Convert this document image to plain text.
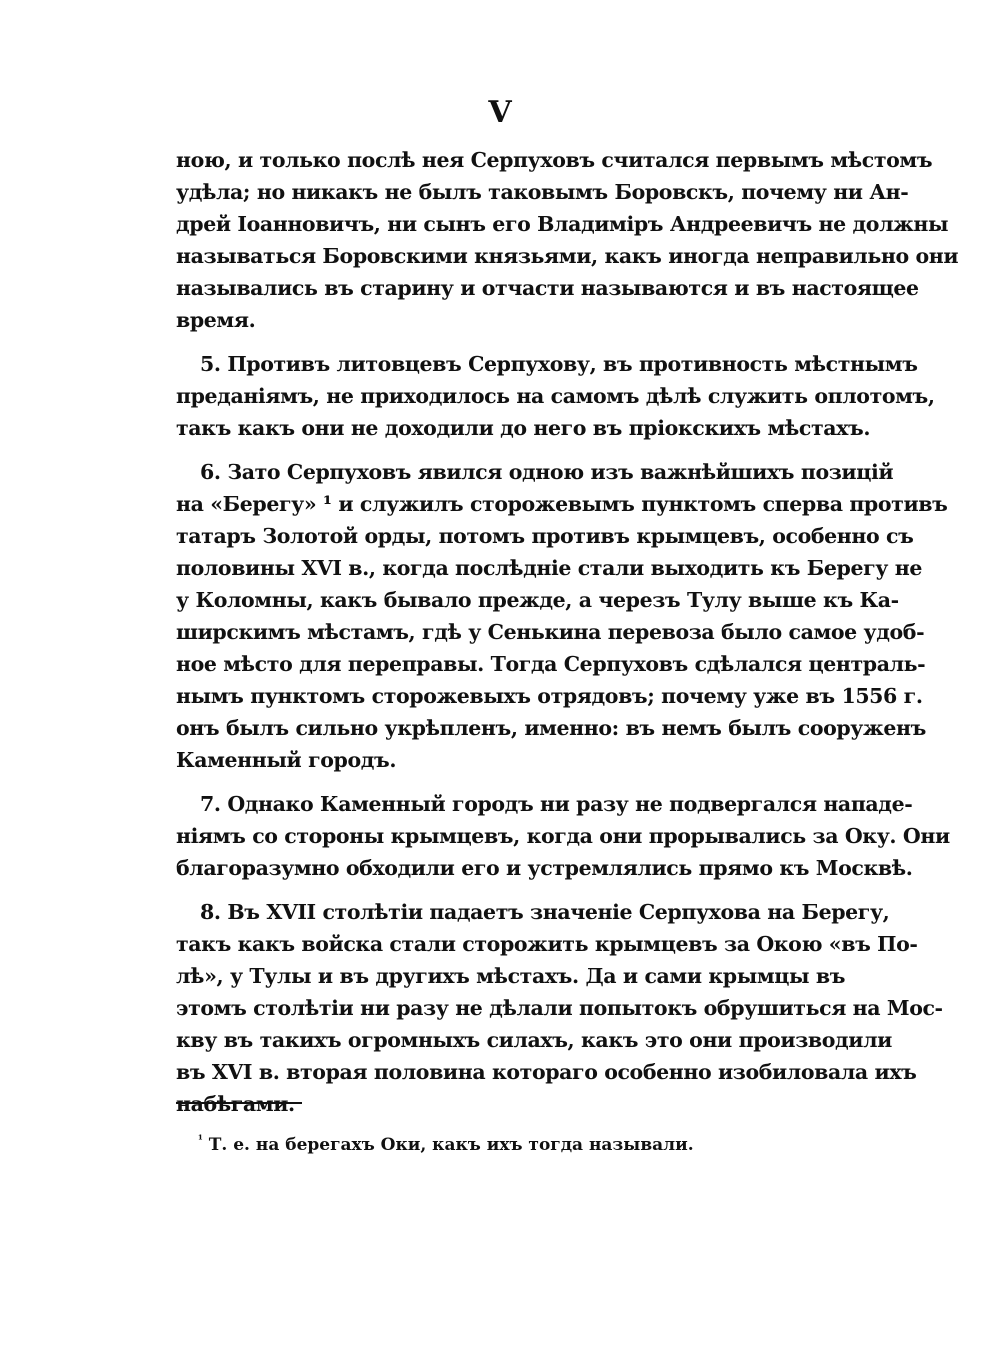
V
ною, и только послѣ нея Серпуховъ считался первымъ мѣстомъ
удѣла; но никакъ не былъ таковымъ Боровскъ, почему ни Ан-
дрей Іоанновичъ, ни сынъ его Владиміръ Андреевичъ не должны
называться Боровскими князьями, какъ иногда неправильно они
назывались въ старину и отчасти называются и въ настоящее
время.
5. Противъ литовцевъ Серпухову, въ противность мѣстнымъ
преданіямъ, не приходилось на самомъ дѣлѣ служить оплотомъ,
такъ какъ они не доходили до него въ пріокскихъ мѣстахъ.
6. Зато Серпуховъ явился одною изъ важнѣйшихъ позицій
на «Берегу» ¹ и служилъ сторожевымъ пунктомъ сперва противъ
татаръ Золотой орды, потомъ противъ крымцевъ, особенно съ
половины XVI в., когда послѣдніе стали выходить къ Берегу не
у Коломны, какъ бывало прежде, а черезъ Тулу выше къ Ка-
ширскимъ мѣстамъ, гдѣ у Сенькина перевоза было самое удоб-
ное мѣсто для переправы. Тогда Серпуховъ сдѣлался централь-
нымъ пунктомъ сторожевыхъ отрядовъ; почему уже въ 1556 г.
онъ былъ сильно укрѣпленъ, именно: въ немъ былъ сооруженъ
Каменный городъ.
7. Однако Каменный городъ ни разу не подвергался нападе-
ніямъ со стороны крымцевъ, когда они прорывались за Оку. Они
благоразумно обходили его и устремлялись прямо къ Москвѣ.
8. Въ XVII столѣтіи падаетъ значеніе Серпухова на Берегу,
такъ какъ войска стали сторожить крымцевъ за Окою «въ По-
лѣ», у Тулы и въ другихъ мѣстахъ. Да и сами крымцы въ
этомъ столѣтіи ни разу не дѣлали попытокъ обрушиться на Мос-
кву въ такихъ огромныхъ силахъ, какъ это они производили
въ XVI в. вторая половина котораго особенно изобиловала ихъ
набѣгами.
$^{^1}$ Т. е. на берегахъ Оки, какъ ихъ тогда называли.
